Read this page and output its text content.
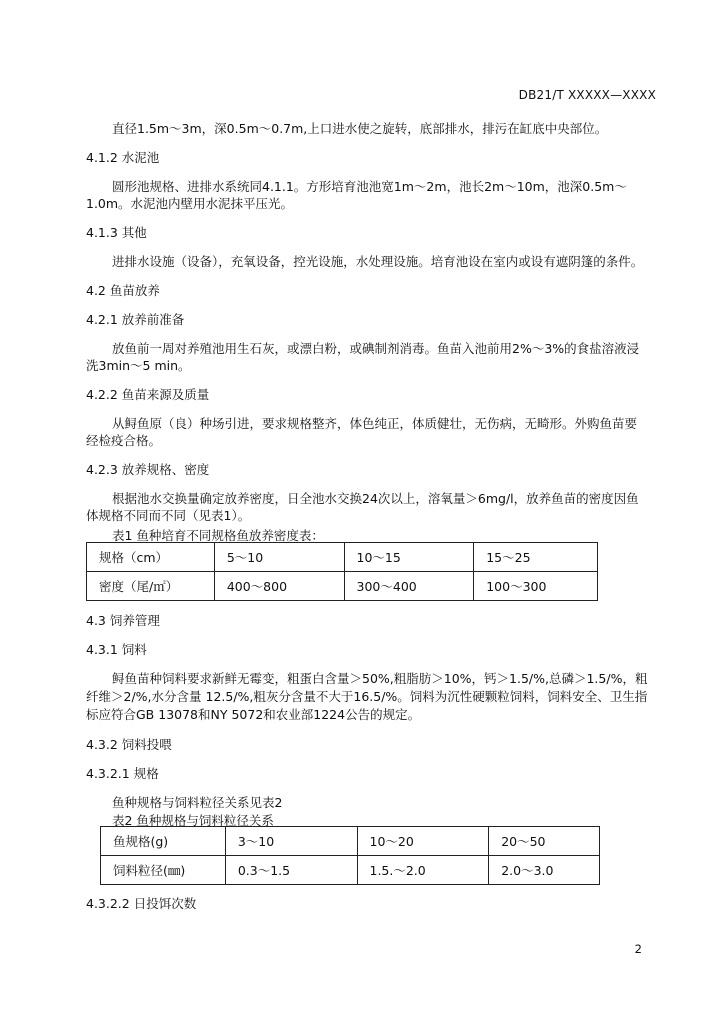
DB21/T XXXXX—XXXX
直径1.5m～3m，深0.5m～0.7m,上口进水使之旋转，底部排水，排污在缸底中央部位。
4.1.2 水泥池
圆形池规格、进排水系统同4.1.1。方形培育池池宽1m～2m，池长2m～10m，池深0.5m～
1.0m。水泥池内壁用水泥抹平压光。
4.1.3 其他
进排水设施（设备），充氧设备，控光设施，水处理设施。培育池设在室内或设有遮阴篷的条件。
4.2 鱼苗放养
4.2.1 放养前准备
放鱼前一周对养殖池用生石灰，或漂白粉，或碘制剂消毒。鱼苗入池前用2%～3%的食盐溶液浸
洗3min～5 min。
4.2.2 鱼苗来源及质量
从鲟鱼原（良）种场引进，要求规格整齐，体色纯正，体质健壮，无伤病，无畸形。外购鱼苗要
经检疫合格。
4.2.3 放养规格、密度
根据池水交换量确定放养密度，日全池水交换24次以上，溶氧量＞6mg/l，放养鱼苗的密度因鱼
体规格不同而不同（见表1）。
表1 鱼种培育不同规格鱼放养密度表：
规格（cm）	5～10	10～15	15～25
密度（尾/㎡）	400～800	300～400	100～300
4.3 饲养管理
4.3.1 饲料
鲟鱼苗种饲料要求新鲜无霉变，粗蛋白含量＞50%,粗脂肪＞10%，钙＞1.5/%,总磷＞1.5/%，粗
纤维＞2/%,水分含量 12.5/%,粗灰分含量不大于16.5/%。饲料为沉性硬颗粒饲料，饲料安全、卫生指
标应符合GB 13078和NY 5072和农业部1224公告的规定。
4.3.2 饲料投喂
4.3.2.1 规格
鱼种规格与饲料粒径关系见表2
表2 鱼种规格与饲料粒径关系
鱼规格(g)	3～10	10～20	20～50
饲料粒径(㎜)	0.3～1.5	1.5.～2.0	2.0～3.0
4.3.2.2 日投饵次数
2
